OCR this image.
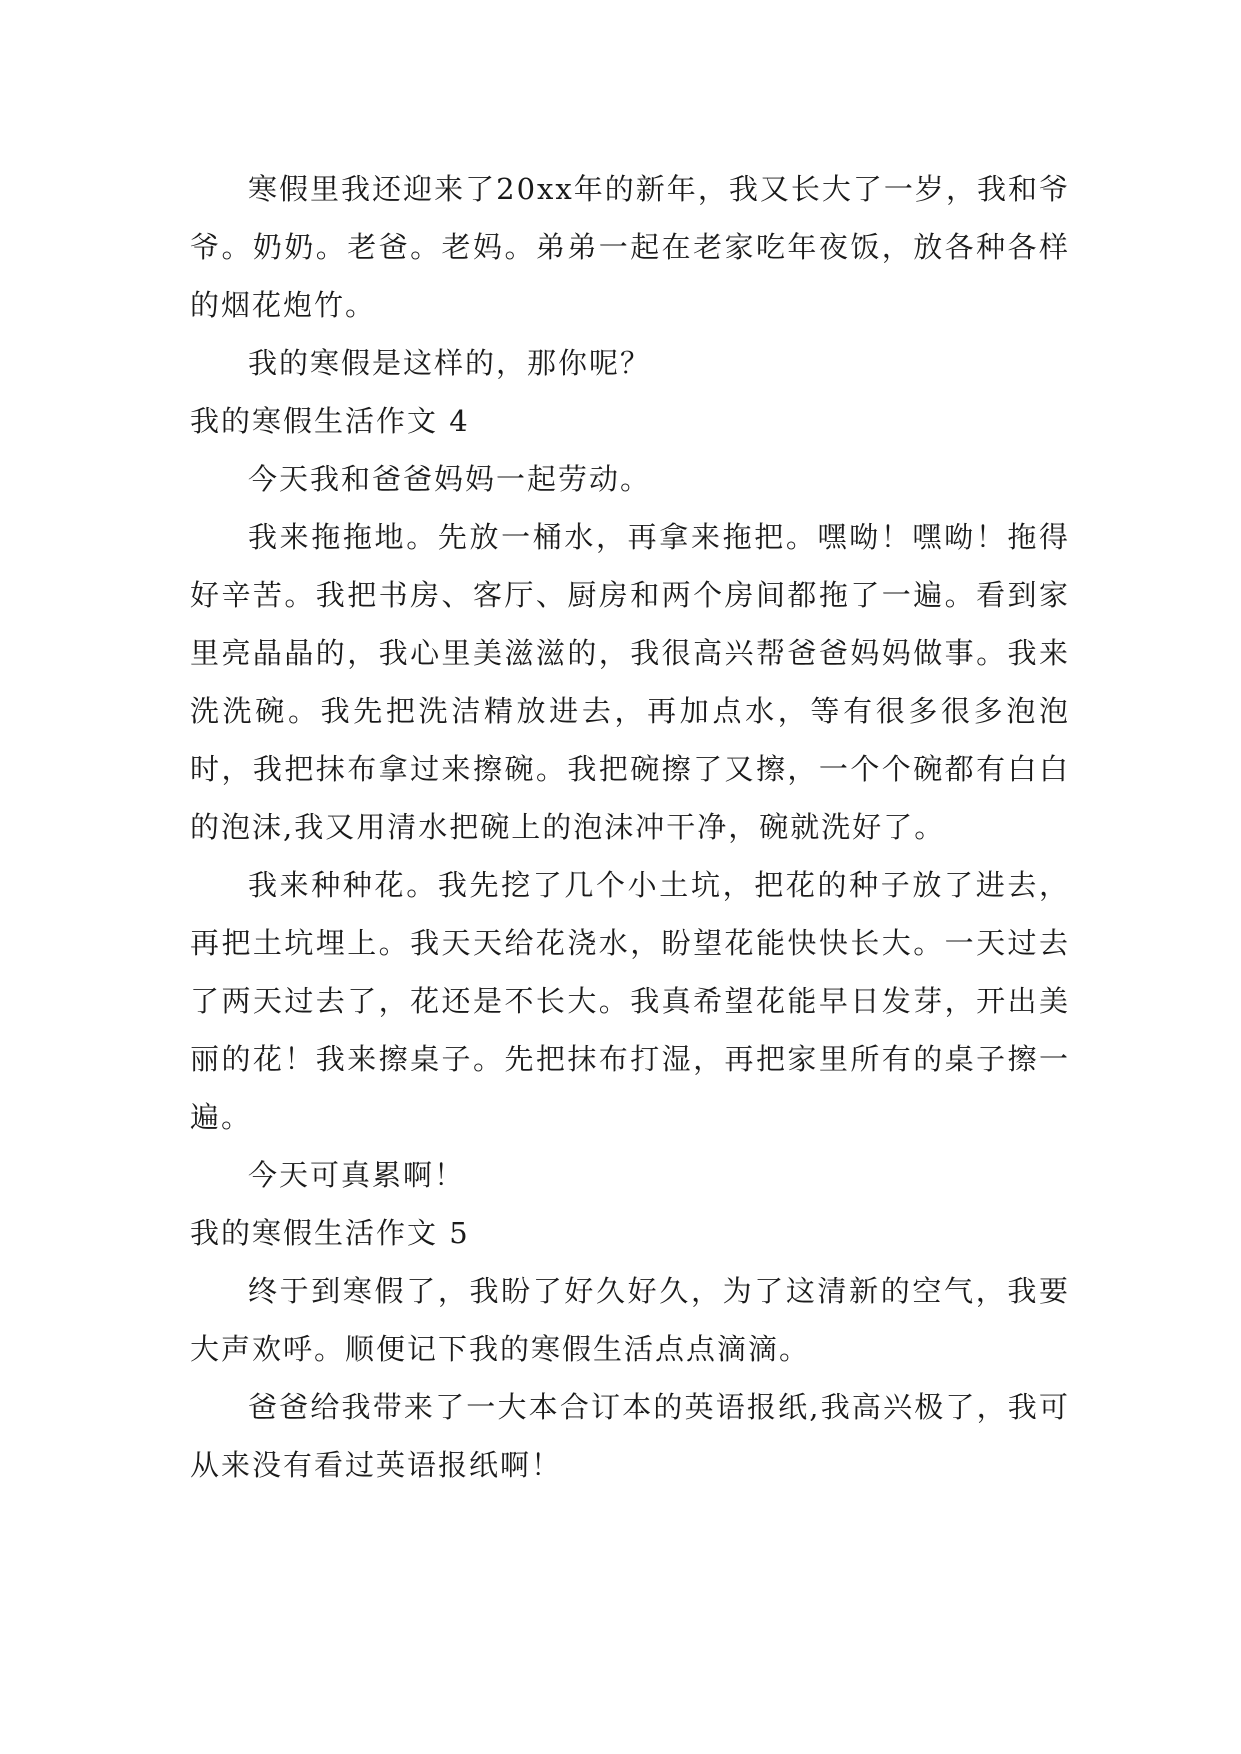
寒假里我还迎来了20xx年的新年，我又长大了一岁，我和爷爷。奶奶。老爸。老妈。弟弟一起在老家吃年夜饭，放各种各样的烟花炮竹。

我的寒假是这样的，那你呢？

我的寒假生活作文 4

今天我和爸爸妈妈一起劳动。

我来拖拖地。先放一桶水，再拿来拖把。嘿呦！嘿呦！拖得好辛苦。我把书房、客厅、厨房和两个房间都拖了一遍。看到家里亮晶晶的，我心里美滋滋的，我很高兴帮爸爸妈妈做事。我来洗洗碗。我先把洗洁精放进去，再加点水，等有很多很多泡泡时，我把抹布拿过来擦碗。我把碗擦了又擦，一个个碗都有白白的泡沫,我又用清水把碗上的泡沫冲干净，碗就洗好了。

我来种种花。我先挖了几个小土坑，把花的种子放了进去，再把土坑埋上。我天天给花浇水，盼望花能快快长大。一天过去了两天过去了，花还是不长大。我真希望花能早日发芽，开出美丽的花！我来擦桌子。先把抹布打湿，再把家里所有的桌子擦一遍。

今天可真累啊！

我的寒假生活作文 5

终于到寒假了，我盼了好久好久，为了这清新的空气，我要大声欢呼。顺便记下我的寒假生活点点滴滴。

爸爸给我带来了一大本合订本的英语报纸,我高兴极了，我可从来没有看过英语报纸啊！
